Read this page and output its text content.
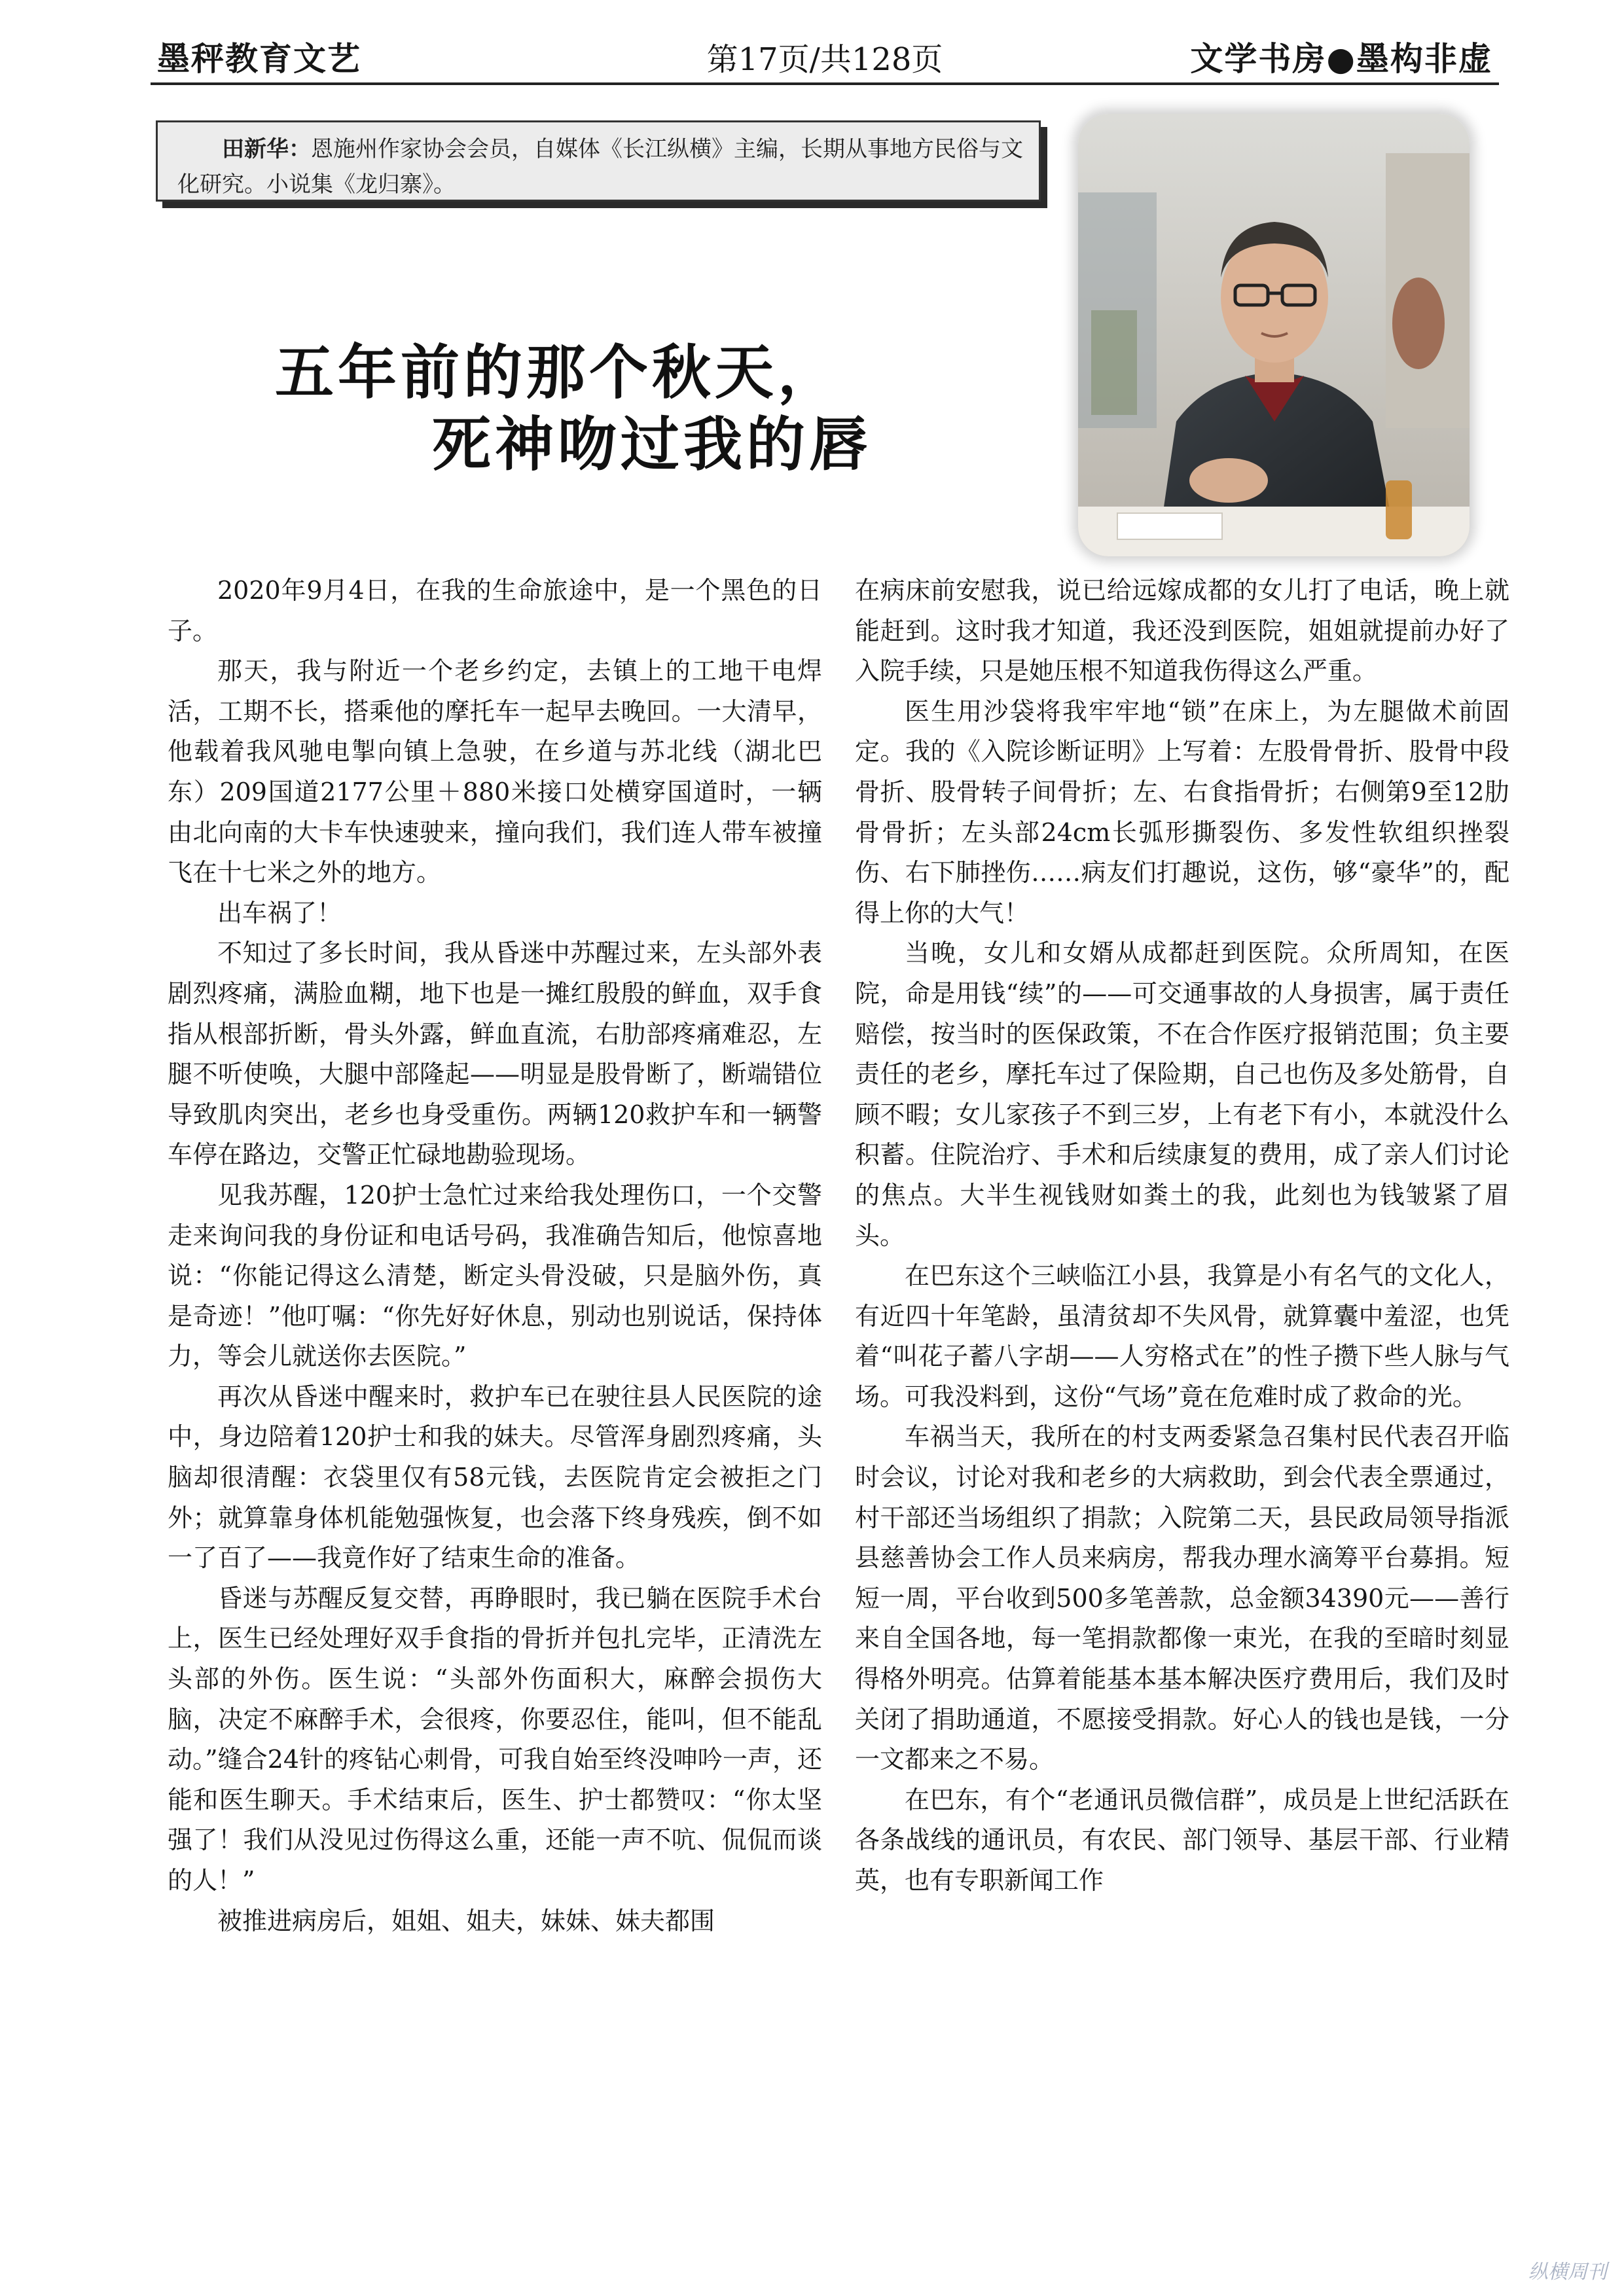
墨秤教育文艺	第17页/共128页	文学书房●墨构非虚
田新华：恩施州作家协会会员，自媒体《长江纵横》主编，长期从事地方民俗与文化研究。小说集《龙归寨》。
五年前的那个秋天，
死神吻过我的唇

2020年9月4日，在我的生命旅途中，是一个黑色的日子。

那天，我与附近一个老乡约定，去镇上的工地干电焊活，工期不长，搭乘他的摩托车一起早去晚回。一大清早，他载着我风驰电掣向镇上急驶，在乡道与苏北线（湖北巴东）209国道2177公里＋880米接口处横穿国道时，一辆由北向南的大卡车快速驶来，撞向我们，我们连人带车被撞飞在十七米之外的地方。

出车祸了！

不知过了多长时间，我从昏迷中苏醒过来，左头部外表剧烈疼痛，满脸血糊，地下也是一摊红殷殷的鲜血，双手食指从根部折断，骨头外露，鲜血直流，右肋部疼痛难忍，左腿不听使唤，大腿中部隆起——明显是股骨断了，断端错位导致肌肉突出，老乡也身受重伤。两辆120救护车和一辆警车停在路边，交警正忙碌地勘验现场。

见我苏醒，120护士急忙过来给我处理伤口，一个交警走来询问我的身份证和电话号码，我准确告知后，他惊喜地说：“你能记得这么清楚，断定头骨没破，只是脑外伤，真是奇迹！”他叮嘱：“你先好好休息，别动也别说话，保持体力，等会儿就送你去医院。”

再次从昏迷中醒来时，救护车已在驶往县人民医院的途中，身边陪着120护士和我的妹夫。尽管浑身剧烈疼痛，头脑却很清醒：衣袋里仅有58元钱，去医院肯定会被拒之门外；就算靠身体机能勉强恢复，也会落下终身残疾，倒不如一了百了——我竟作好了结束生命的准备。

昏迷与苏醒反复交替，再睁眼时，我已躺在医院手术台上，医生已经处理好双手食指的骨折并包扎完毕，正清洗左头部的外伤。医生说：“头部外伤面积大，麻醉会损伤大脑，决定不麻醉手术，会很疼，你要忍住，能叫，但不能乱动。”缝合24针的疼钻心刺骨，可我自始至终没呻吟一声，还能和医生聊天。手术结束后，医生、护士都赞叹：“你太坚强了！我们从没见过伤得这么重，还能一声不吭、侃侃而谈的人！”

被推进病房后，姐姐、姐夫，妹妹、妹夫都围

在病床前安慰我，说已给远嫁成都的女儿打了电话，晚上就能赶到。这时我才知道，我还没到医院，姐姐就提前办好了入院手续，只是她压根不知道我伤得这么严重。

医生用沙袋将我牢牢地“锁”在床上，为左腿做术前固定。我的《入院诊断证明》上写着：左股骨骨折、股骨中段骨折、股骨转子间骨折；左、右食指骨折；右侧第9至12肋骨骨折；左头部24cm长弧形撕裂伤、多发性软组织挫裂伤、右下肺挫伤……病友们打趣说，这伤，够“豪华”的，配得上你的大气！

当晚，女儿和女婿从成都赶到医院。众所周知，在医院，命是用钱“续”的——可交通事故的人身损害，属于责任赔偿，按当时的医保政策，不在合作医疗报销范围；负主要责任的老乡，摩托车过了保险期，自己也伤及多处筋骨，自顾不暇；女儿家孩子不到三岁，上有老下有小，本就没什么积蓄。住院治疗、手术和后续康复的费用，成了亲人们讨论的焦点。大半生视钱财如粪土的我，此刻也为钱皱紧了眉头。

在巴东这个三峡临江小县，我算是小有名气的文化人，有近四十年笔龄，虽清贫却不失风骨，就算囊中羞涩，也凭着“叫花子蓄八字胡——人穷格式在”的性子攒下些人脉与气场。可我没料到，这份“气场”竟在危难时成了救命的光。

车祸当天，我所在的村支两委紧急召集村民代表召开临时会议，讨论对我和老乡的大病救助，到会代表全票通过，村干部还当场组织了捐款；入院第二天，县民政局领导指派县慈善协会工作人员来病房，帮我办理水滴筹平台募捐。短短一周，平台收到500多笔善款，总金额34390元——善行来自全国各地，每一笔捐款都像一束光，在我的至暗时刻显得格外明亮。估算着能基本基本解决医疗费用后，我们及时关闭了捐助通道，不愿接受捐款。好心人的钱也是钱，一分一文都来之不易。

在巴东，有个“老通讯员微信群”，成员是上世纪活跃在各条战线的通讯员，有农民、部门领导、基层干部、行业精英，也有专职新闻工作

纵横周刊
